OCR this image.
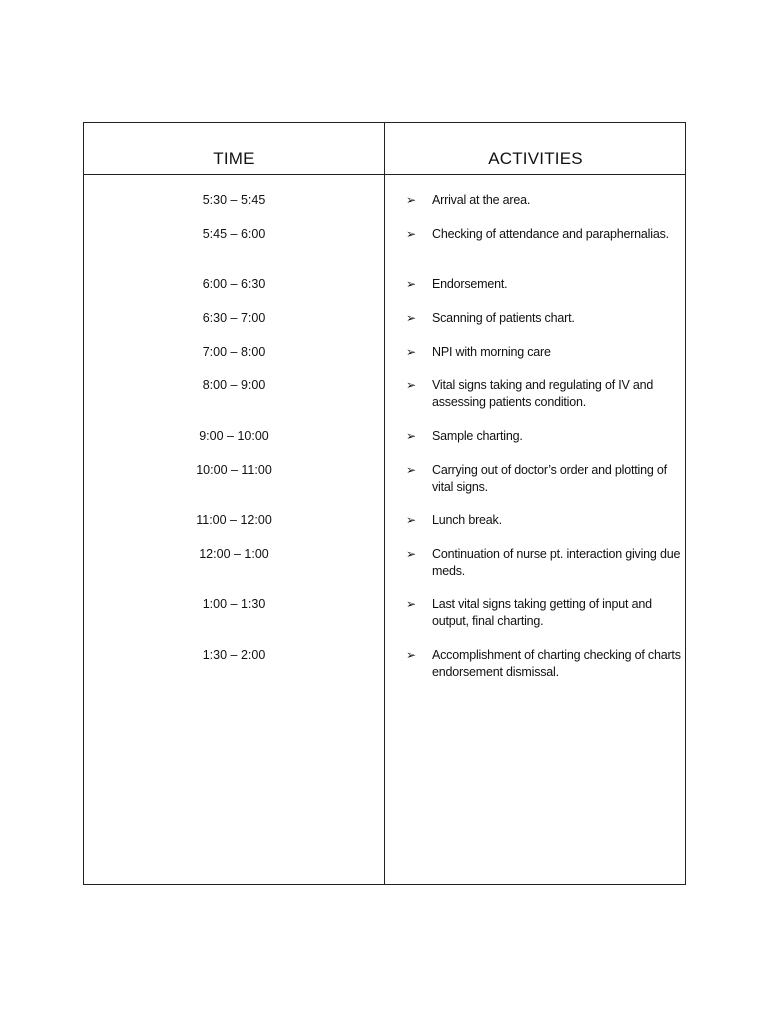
TIME	ACTIVITIES
5:30 – 5:45	➢ Arrival at the area.
5:45 – 6:00	➢ Checking of attendance and paraphernalias.
6:00 – 6:30	➢ Endorsement.
6:30 – 7:00	➢ Scanning of patients chart.
7:00 – 8:00	➢ NPI with morning care
8:00 – 9:00	➢ Vital signs taking and regulating of IV and assessing patients condition.
9:00 – 10:00	➢ Sample charting.
10:00 – 11:00	➢ Carrying out of doctor’s order and plotting of vital signs.
11:00 – 12:00	➢ Lunch break.
12:00 – 1:00	➢ Continuation of nurse pt. interaction giving due meds.
1:00 – 1:30	➢ Last vital signs taking getting of input and output, final charting.
1:30 – 2:00	➢ Accomplishment of charting checking of charts endorsement dismissal.
